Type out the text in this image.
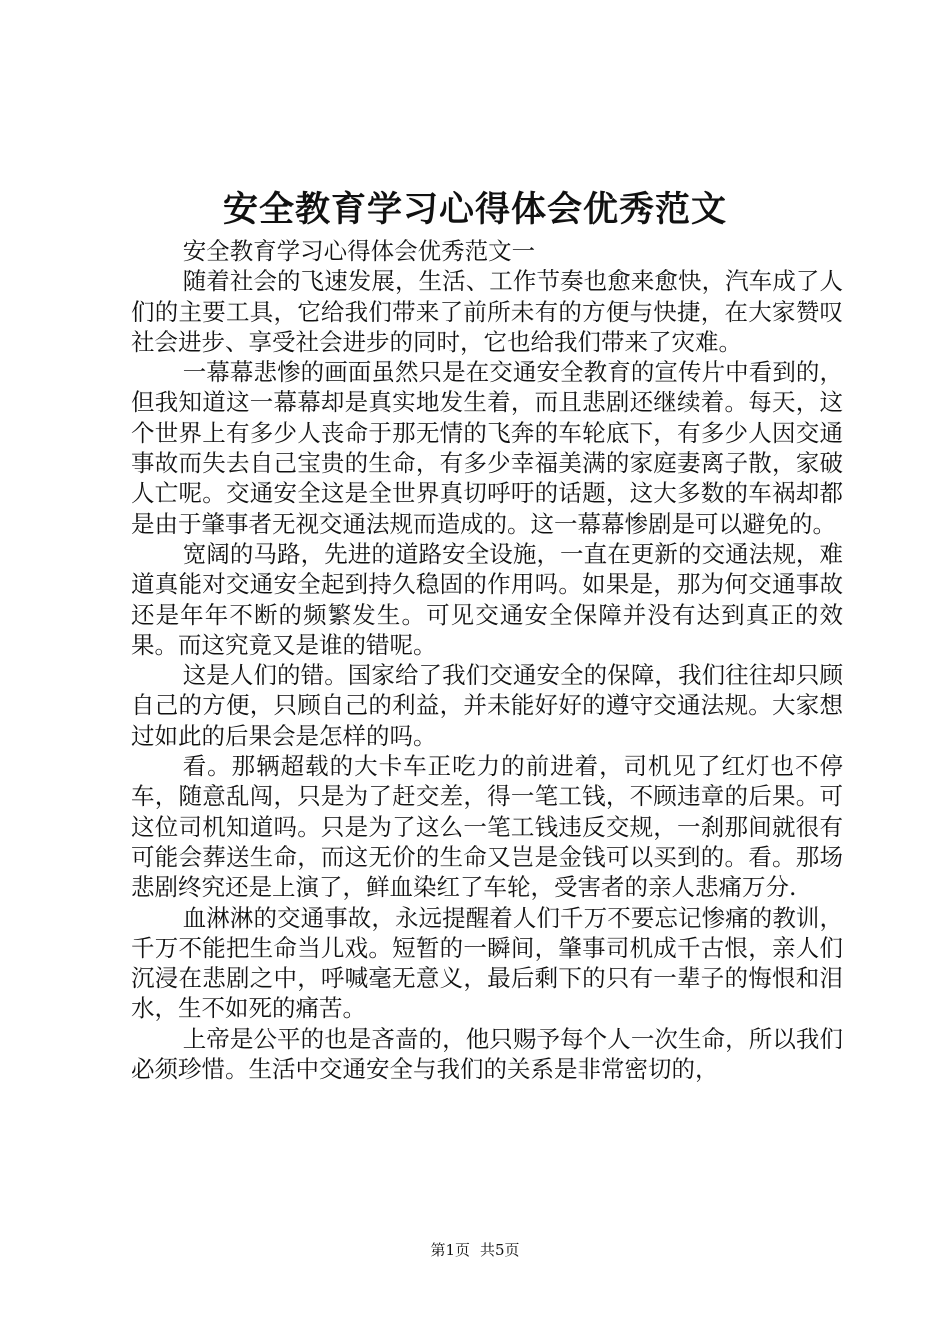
安全教育学习心得体会优秀范文

安全教育学习心得体会优秀范文一

随着社会的飞速发展，生活、工作节奏也愈来愈快，汽车成了人们的主要工具，它给我们带来了前所未有的方便与快捷，在大家赞叹社会进步、享受社会进步的同时，它也给我们带来了灾难。

一幕幕悲惨的画面虽然只是在交通安全教育的宣传片中看到的，但我知道这一幕幕却是真实地发生着，而且悲剧还继续着。每天，这个世界上有多少人丧命于那无情的飞奔的车轮底下，有多少人因交通事故而失去自己宝贵的生命，有多少幸福美满的家庭妻离子散，家破人亡呢。交通安全这是全世界真切呼吁的话题，这大多数的车祸却都是由于肇事者无视交通法规而造成的。这一幕幕惨剧是可以避免的。

宽阔的马路，先进的道路安全设施，一直在更新的交通法规，难道真能对交通安全起到持久稳固的作用吗。如果是，那为何交通事故还是年年不断的频繁发生。可见交通安全保障并没有达到真正的效果。而这究竟又是谁的错呢。

这是人们的错。国家给了我们交通安全的保障，我们往往却只顾自己的方便，只顾自己的利益，并未能好好的遵守交通法规。大家想过如此的后果会是怎样的吗。

看。那辆超载的大卡车正吃力的前进着，司机见了红灯也不停车，随意乱闯，只是为了赶交差，得一笔工钱，不顾违章的后果。可这位司机知道吗。只是为了这么一笔工钱违反交规，一刹那间就很有可能会葬送生命，而这无价的生命又岂是金钱可以买到的。看。那场悲剧终究还是上演了，鲜血染红了车轮，受害者的亲人悲痛万分.

血淋淋的交通事故，永远提醒着人们千万不要忘记惨痛的教训，千万不能把生命当儿戏。短暂的一瞬间，肇事司机成千古恨，亲人们沉浸在悲剧之中，呼喊毫无意义，最后剩下的只有一辈子的悔恨和泪水，生不如死的痛苦。

上帝是公平的也是吝啬的，他只赐予每个人一次生命，所以我们必须珍惜。生活中交通安全与我们的关系是非常密切的，

第1页 共5页
